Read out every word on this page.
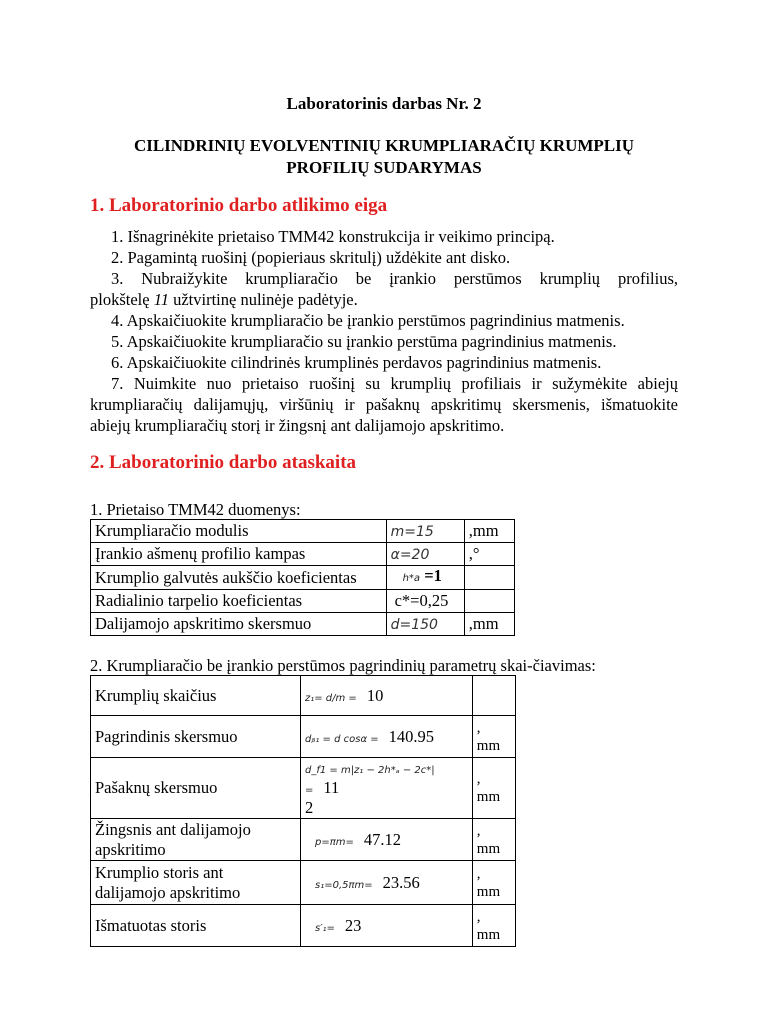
Laboratorinis darbas Nr. 2
CILINDRINIŲ EVOLVENTINIŲ KRUMPLIARAČIŲ KRUMPLIŲ
PROFILIŲ SUDARYMAS
1. Laboratorinio darbo atlikimo eiga
1. Išnagrinėkite prietaiso TMM42 konstrukcija ir veikimo principą.
2. Pagamintą ruošinį (popieriaus skritulį) uždėkite ant disko.
3. Nubraižykite krumpliaračio be įrankio perstūmos krumplių profilius,
plokštelę 11 užtvirtinę nulinėje padėtyje.
4. Apskaičiuokite krumpliaračio be įrankio perstūmos pagrindinius matmenis.
5. Apskaičiuokite krumpliaračio su įrankio perstūma pagrindinius matmenis.
6. Apskaičiuokite cilindrinės krumplinės perdavos pagrindinius matmenis.
7. Nuimkite nuo prietaiso ruošinį su krumplių profiliais ir sužymėkite abiejų
krumpliaračių dalijamųjų, viršūnių ir pašaknų apskritimų skersmenis, išmatuokite
abiejų krumpliaračių storį ir žingsnį ant dalijamojo apskritimo.
2. Laboratorinio darbo ataskaita
1. Prietaiso TMM42 duomenys:
Krumpliaračio modulis	m=15	,mm
Įrankio ašmenų profilio kampas	α=20	,°
Krumplio galvutės aukščio koeficientas	h*a =1	
Radialinio tarpelio koeficientas	c*=0,25	
Dalijamojo apskritimo skersmuo	d=150	,mm
2. Krumpliaračio be įrankio perstūmos pagrindinių parametrų skai-čiavimas:
Krumplių skaičius	z₁= d/m = 10	
Pagrindinis skersmuo	dᵦ₁ = d cosα = 140.95	,
mm
Pašaknų skersmuo	d_f1 = m|z₁ − 2h*ₐ − 2c*| = 11
2	,
mm
Žingsnis ant dalijamojo apskritimo	p=πm= 47.12	,
mm
Krumplio storis ant dalijamojo apskritimo	s₁=0,5πm= 23.56	,
mm
Išmatuotas storis	s′₁= 23	,
mm
